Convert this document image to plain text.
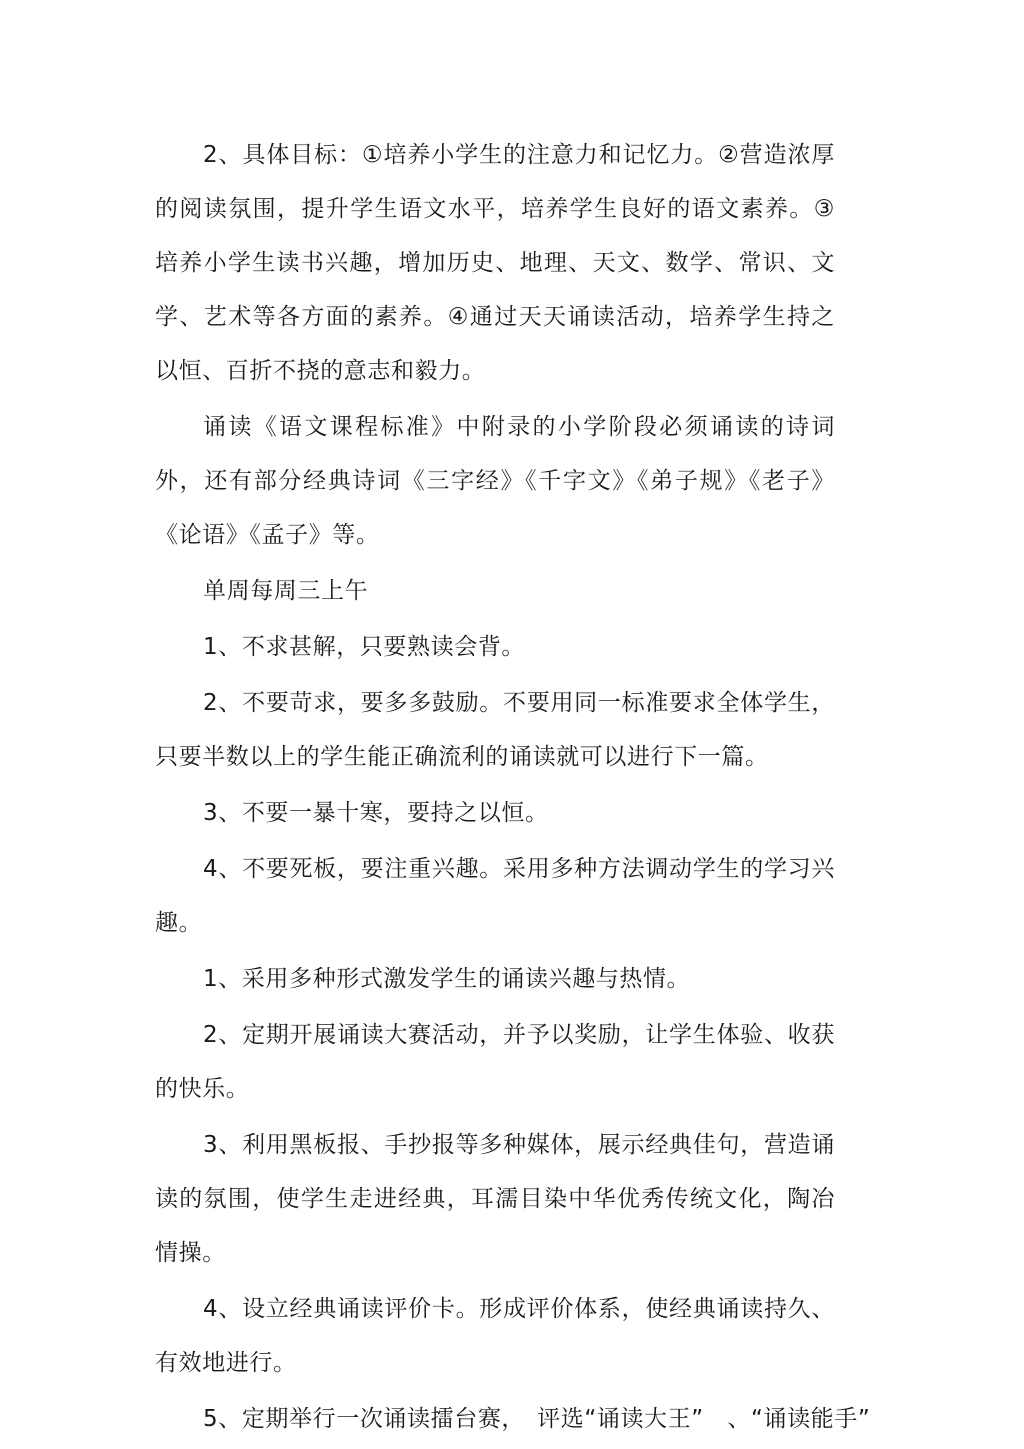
2、具体目标：①培养小学生的注意力和记忆力。②营造浓厚的阅读氛围，提升学生语文水平，培养学生良好的语文素养。③培养小学生读书兴趣，增加历史、地理、天文、数学、常识、文学、艺术等各方面的素养。④通过天天诵读活动，培养学生持之以恒、百折不挠的意志和毅力。

诵读《语文课程标准》中附录的小学阶段必须诵读的诗词外，还有部分经典诗词《三字经》《千字文》《弟子规》《老子》《论语》《孟子》等。

单周每周三上午

1、不求甚解，只要熟读会背。

2、不要苛求，要多多鼓励。不要用同一标准要求全体学生，只要半数以上的学生能正确流利的诵读就可以进行下一篇。

3、不要一暴十寒，要持之以恒。

4、不要死板，要注重兴趣。采用多种方法调动学生的学习兴趣。

1、采用多种形式激发学生的诵读兴趣与热情。

2、定期开展诵读大赛活动，并予以奖励，让学生体验、收获的快乐。

3、利用黑板报、手抄报等多种媒体，展示经典佳句，营造诵读的氛围，使学生走进经典，耳濡目染中华优秀传统文化，陶冶情操。

4、设立经典诵读评价卡。形成评价体系，使经典诵读持久、有效地进行。

5、定期举行一次诵读擂台赛，　评选“诵读大王”　、“诵读能手”
